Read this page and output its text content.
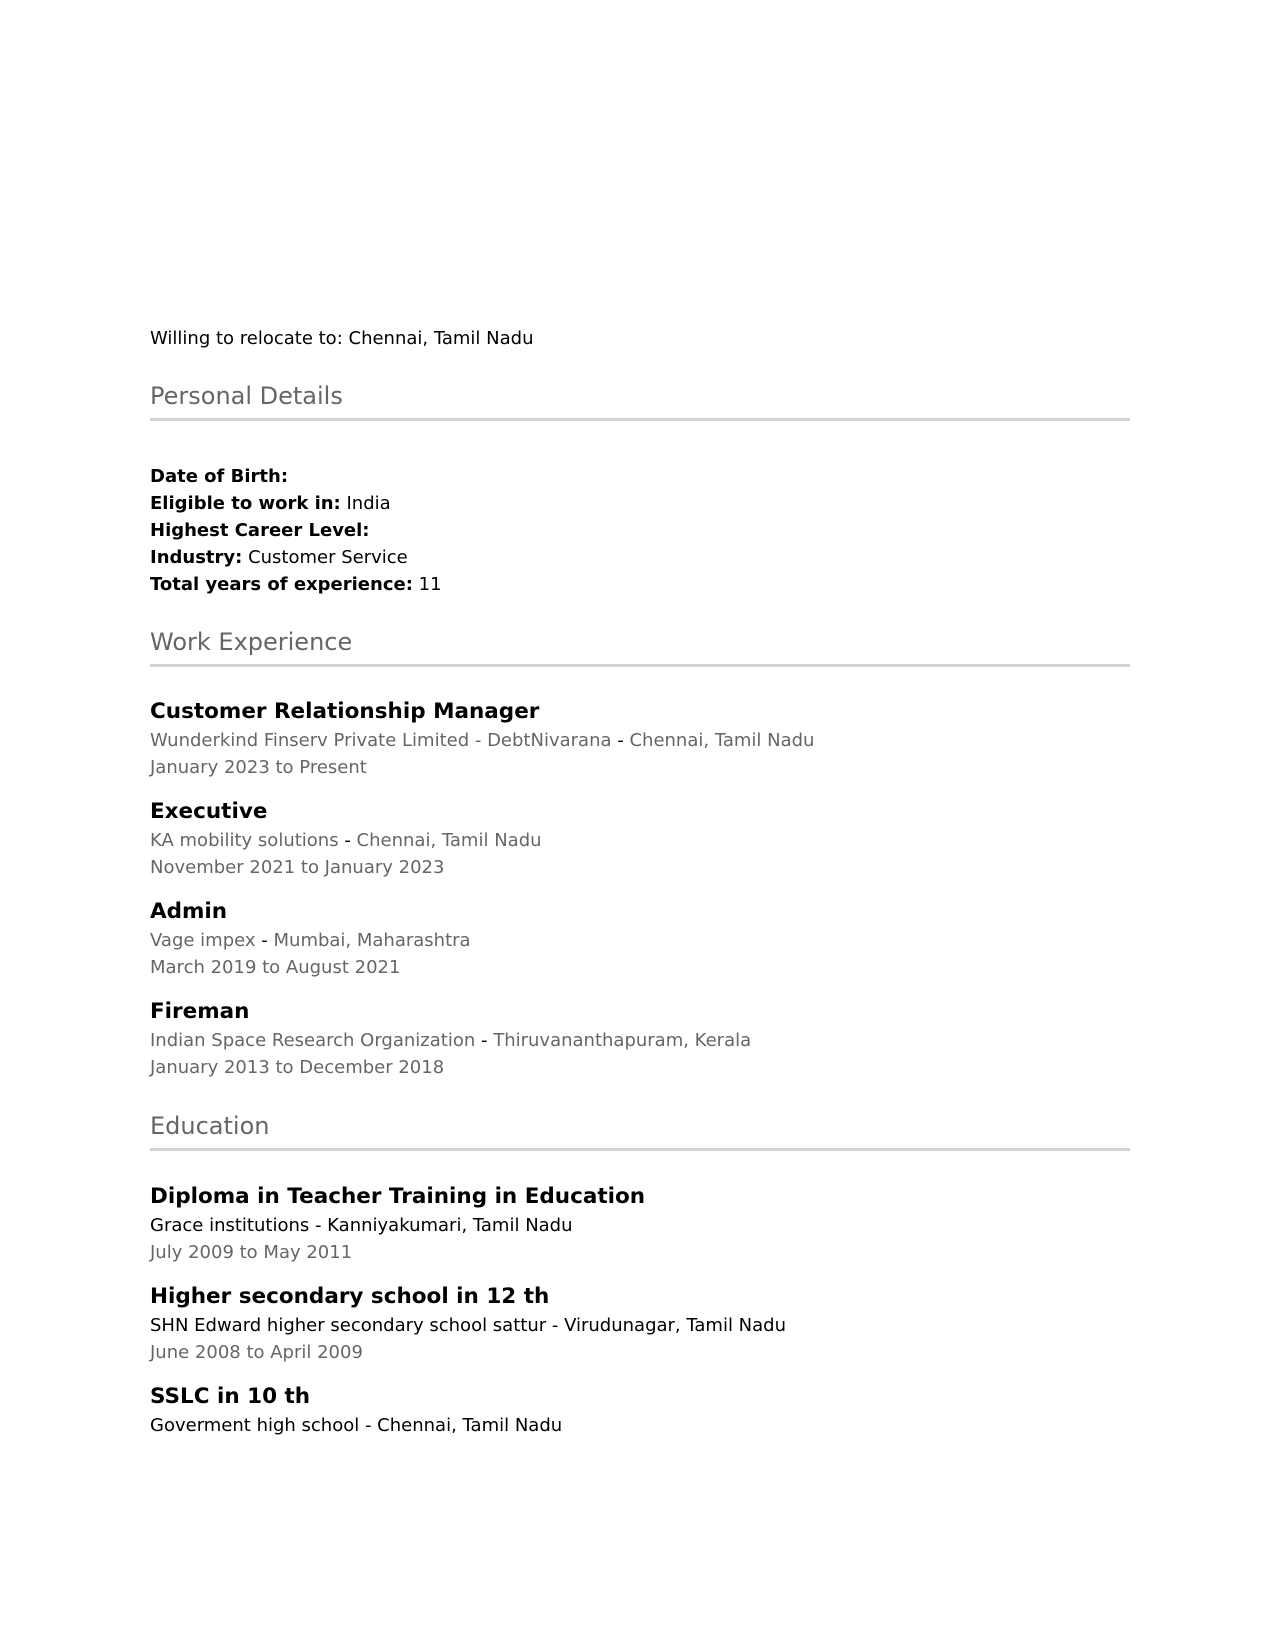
Willing to relocate to: Chennai, Tamil Nadu
Personal Details
Date of Birth:
Eligible to work in: India
Highest Career Level:
Industry: Customer Service
Total years of experience: 11
Work Experience
Customer Relationship Manager
Wunderkind Finserv Private Limited - DebtNivarana - Chennai, Tamil Nadu
January 2023 to Present
Executive
KA mobility solutions - Chennai, Tamil Nadu
November 2021 to January 2023
Admin
Vage impex - Mumbai, Maharashtra
March 2019 to August 2021
Fireman
Indian Space Research Organization - Thiruvananthapuram, Kerala
January 2013 to December 2018
Education
Diploma in Teacher Training in Education
Grace institutions - Kanniyakumari, Tamil Nadu
July 2009 to May 2011
Higher secondary school in 12 th
SHN Edward higher secondary school sattur - Virudunagar, Tamil Nadu
June 2008 to April 2009
SSLC in 10 th
Goverment high school - Chennai, Tamil Nadu
